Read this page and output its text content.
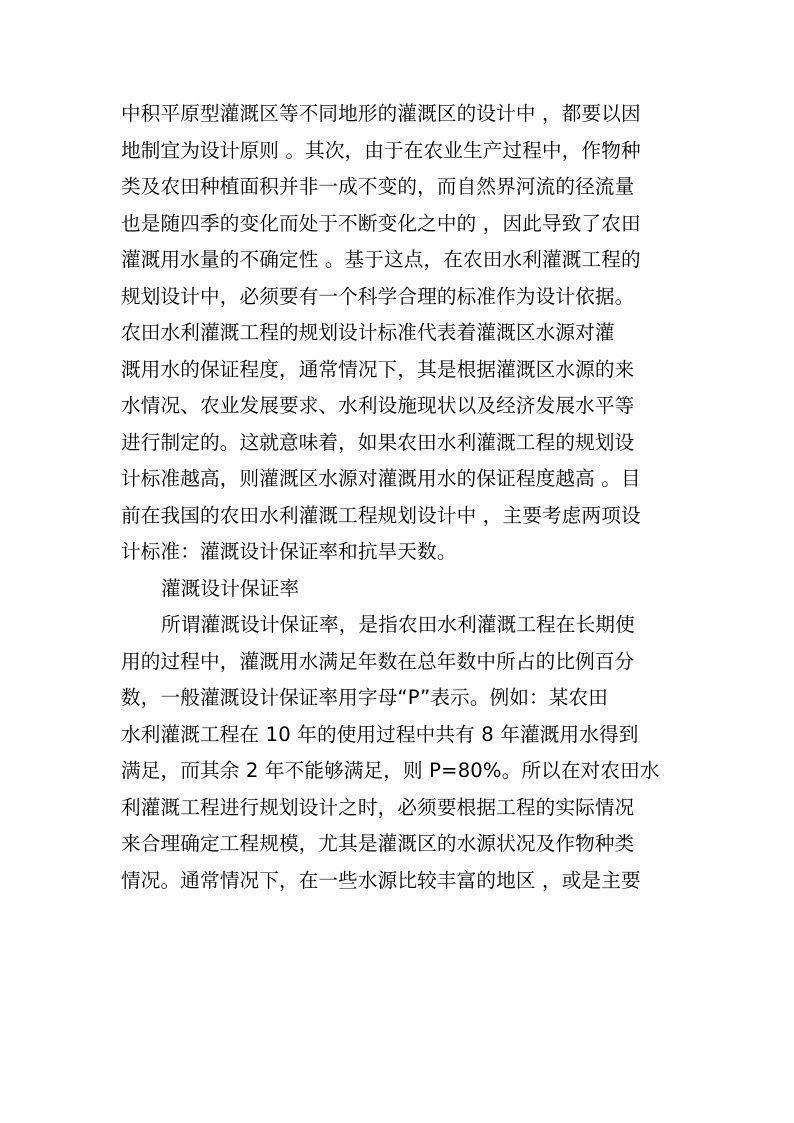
中积平原型灌溉区等不同地形的灌溉区的设计中 ，都要以因
地制宜为设计原则 。其次，由于在农业生产过程中，作物种
类及农田种植面积并非一成不变的，而自然界河流的径流量
也是随四季的变化而处于不断变化之中的 ，因此导致了农田
灌溉用水量的不确定性 。基于这点，在农田水利灌溉工程的
规划设计中，必须要有一个科学合理的标准作为设计依据。
农田水利灌溉工程的规划设计标准代表着灌溉区水源对灌
溉用水的保证程度，通常情况下，其是根据灌溉区水源的来
水情况、农业发展要求、水利设施现状以及经济发展水平等
进行制定的。这就意味着，如果农田水利灌溉工程的规划设
计标准越高，则灌溉区水源对灌溉用水的保证程度越高 。目
前在我国的农田水利灌溉工程规划设计中 ，主要考虑两项设
计标准：灌溉设计保证率和抗旱天数。
灌溉设计保证率
所谓灌溉设计保证率，是指农田水利灌溉工程在长期使
用的过程中，灌溉用水满足年数在总年数中所占的比例百分
数，一般灌溉设计保证率用字母“P”表示。例如：某农田
水利灌溉工程在 10 年的使用过程中共有 8 年灌溉用水得到
满足，而其余 2 年不能够满足，则 P=80%。所以在对农田水
利灌溉工程进行规划设计之时，必须要根据工程的实际情况
来合理确定工程规模，尤其是灌溉区的水源状况及作物种类
情况。通常情况下，在一些水源比较丰富的地区 ，或是主要
